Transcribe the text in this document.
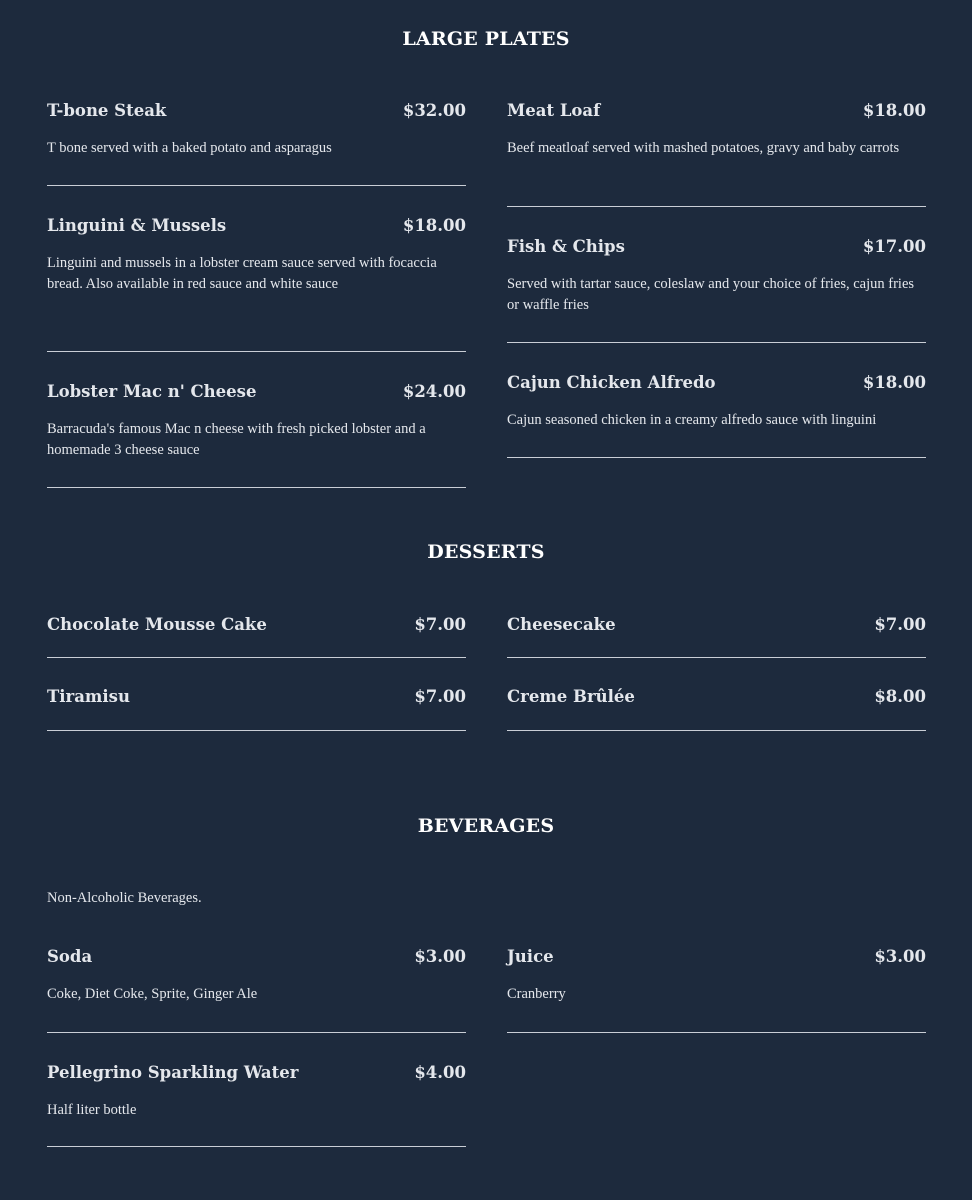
LARGE PLATES
T-bone Steak	$32.00

T bone served with a baked potato and asparagus

Linguini & Mussels	$18.00

Linguini and mussels in a lobster cream sauce served with focaccia bread. Also available in red sauce and white sauce

Lobster Mac n' Cheese	$24.00

Barracuda's famous Mac n cheese with fresh picked lobster and a homemade 3 cheese sauce

Meat Loaf	$18.00

Beef meatloaf served with mashed potatoes, gravy and baby carrots

Fish & Chips	$17.00

Served with tartar sauce, coleslaw and your choice of fries, cajun fries or waffle fries

Cajun Chicken Alfredo	$18.00

Cajun seasoned chicken in a creamy alfredo sauce with linguini

DESSERTS
Chocolate Mousse Cake	$7.00
Tiramisu	$7.00
Cheesecake	$7.00
Creme Brûlée	$8.00
BEVERAGES

Non-Alcoholic Beverages.

Soda	$3.00

Coke, Diet Coke, Sprite, Ginger Ale

Pellegrino Sparkling Water	$4.00

Half liter bottle

Juice	$3.00

Cranberry
